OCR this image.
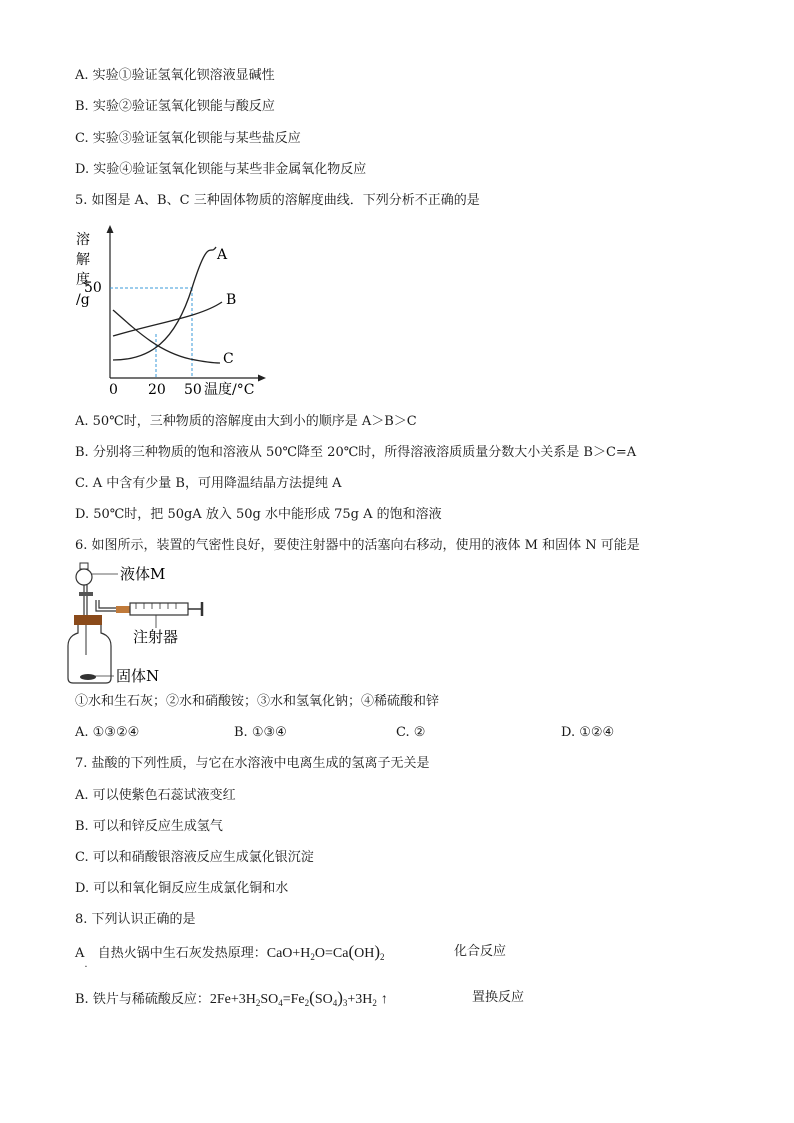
A. 实验①验证氢氧化钡溶液显碱性
B. 实验②验证氢氧化钡能与酸反应
C. 实验③验证氢氧化钡能与某些盐反应
D. 实验④验证氢氧化钡能与某些非金属氧化物反应
5. 如图是 A、B、C 三种固体物质的溶解度曲线．下列分析不正确的是
溶
解
度
/g
A
B
C
50
0 20 50 温度/°C
A. 50℃时，三种物质的溶解度由大到小的顺序是 A＞B＞C
B. 分别将三种物质的饱和溶液从 50℃降至 20℃时，所得溶液溶质质量分数大小关系是 B＞C=A
C. A 中含有少量 B，可用降温结晶方法提纯 A
D. 50℃时，把 50gA 放入 50g 水中能形成 75g A 的饱和溶液
6. 如图所示，装置的气密性良好，要使注射器中的活塞向右移动，使用的液体 M 和固体 N 可能是
液体M
注射器
固体N
①水和生石灰；②水和硝酸铵；③水和氢氧化钠；④稀硫酸和锌
A. ①③②④	B. ①③④	C. ②	D. ①②④
7. 盐酸的下列性质，与它在水溶液中电离生成的氢离子无关是
A. 可以使紫色石蕊试液变红
B. 可以和锌反应生成氢气
C. 可以和硝酸银溶液反应生成氯化银沉淀
D. 可以和氧化铜反应生成氯化铜和水
8. 下列认识正确的是
$A_.$ 自热火锅中生石灰发热原理：$CaO+H_2O=Ca(OH)_2$	化合反应
B. 铁片与稀硫酸反应：$2Fe+3H_2SO_4=Fe_2(SO_4)_3+3H_2$ ↑	置换反应
